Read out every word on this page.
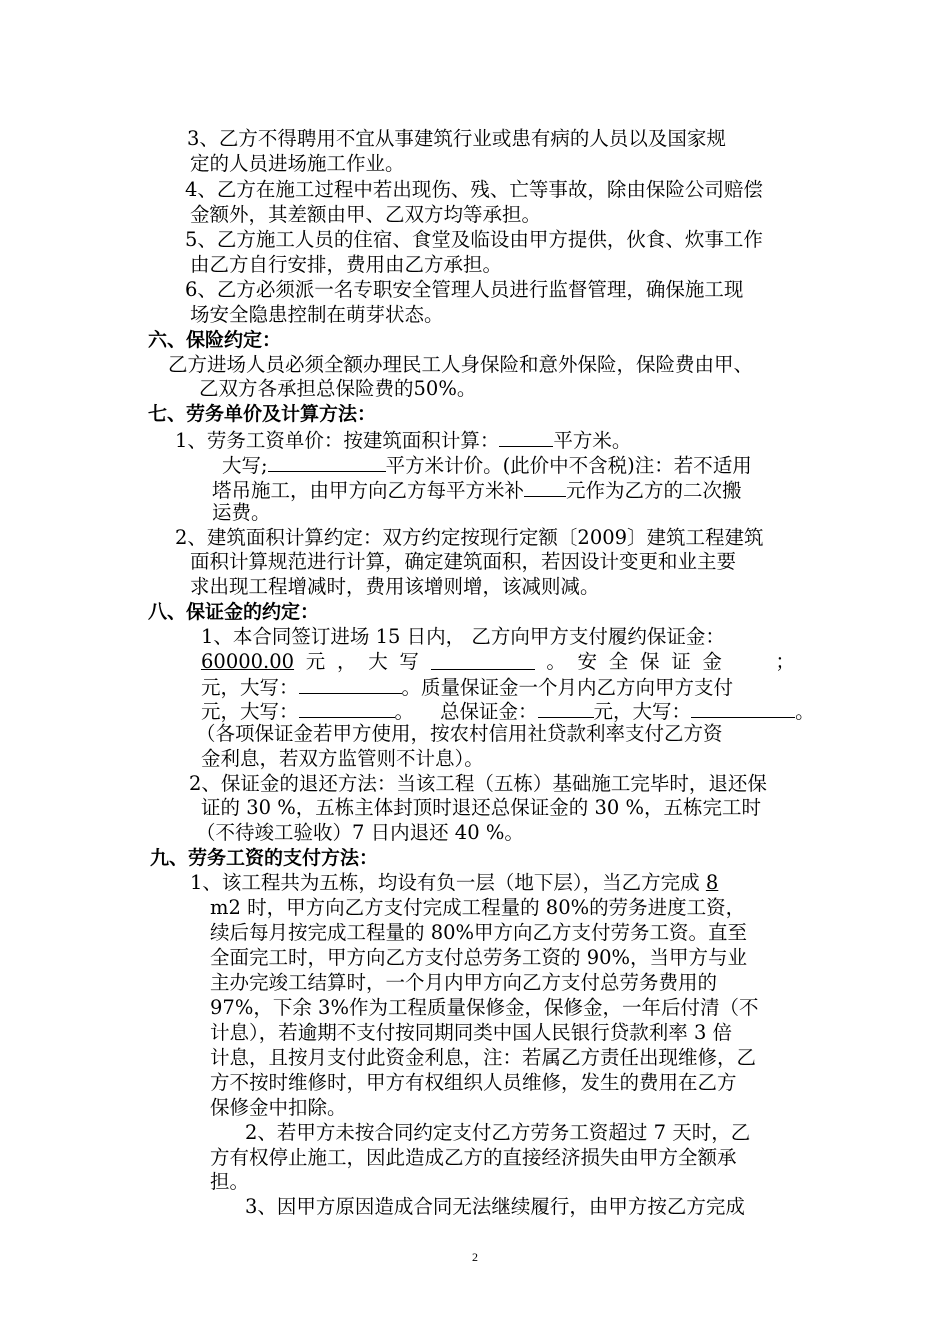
3、乙方不得聘用不宜从事建筑行业或患有病的人员以及国家规
定的人员进场施工作业。
4、乙方在施工过程中若出现伤、残、亡等事故，除由保险公司赔偿
金额外，其差额由甲、乙双方均等承担。
5、乙方施工人员的住宿、食堂及临设由甲方提供，伙食、炊事工作
由乙方自行安排，费用由乙方承担。
6、乙方必须派一名专职安全管理人员进行监督管理，确保施工现
场安全隐患控制在萌芽状态。
六、保险约定：
乙方进场人员必须全额办理民工人身保险和意外保险，保险费由甲、
乙双方各承担总保险费的50%。
七、劳务单价及计算方法：
1、劳务工资单价：按建筑面积计算：	平方米。
大写;	平方米计价。(此价中不含税)注：若不适用
塔吊施工，由甲方向乙方每平方米补 元作为乙方的二次搬
运费。
2、建筑面积计算约定：双方约定按现行定额〔2009〕建筑工程建筑
面积计算规范进行计算，确定建筑面积，若因设计变更和业主要
求出现工程增减时，费用该增则增，该减则减。
八、保证金的约定：
1、本合同签订进场 15 日内， 乙方向甲方支付履约保证金：
60000.00 元 ， 大 写	。 安 全 保 证 金	；
元，大写：	。质量保证金一个月内乙方向甲方支付
元，大写：	。 总保证金：	元，大写：	。
（各项保证金若甲方使用，按农村信用社贷款利率支付乙方资
金利息，若双方监管则不计息）。
2、保证金的退还方法：当该工程（五栋）基础施工完毕时，退还保
证的 30 %，五栋主体封顶时退还总保证金的 30 %，五栋完工时
（不待竣工验收）7 日内退还 40 %。
九、劳务工资的支付方法：
1、该工程共为五栋，均设有负一层（地下层），当乙方完成 8
m2 时，甲方向乙方支付完成工程量的 80%的劳务进度工资，
续后每月按完成工程量的 80%甲方向乙方支付劳务工资。直至
全面完工时，甲方向乙方支付总劳务工资的 90%，当甲方与业
主办完竣工结算时，一个月内甲方向乙方支付总劳务费用的
97%，下余 3%作为工程质量保修金，保修金，一年后付清（不
计息），若逾期不支付按同期同类中国人民银行贷款利率 3 倍
计息，且按月支付此资金利息，注：若属乙方责任出现维修，乙
方不按时维修时，甲方有权组织人员维修，发生的费用在乙方
保修金中扣除。
2、若甲方未按合同约定支付乙方劳务工资超过 7 天时，乙
方有权停止施工，因此造成乙方的直接经济损失由甲方全额承
担。
3、因甲方原因造成合同无法继续履行，由甲方按乙方完成
2
